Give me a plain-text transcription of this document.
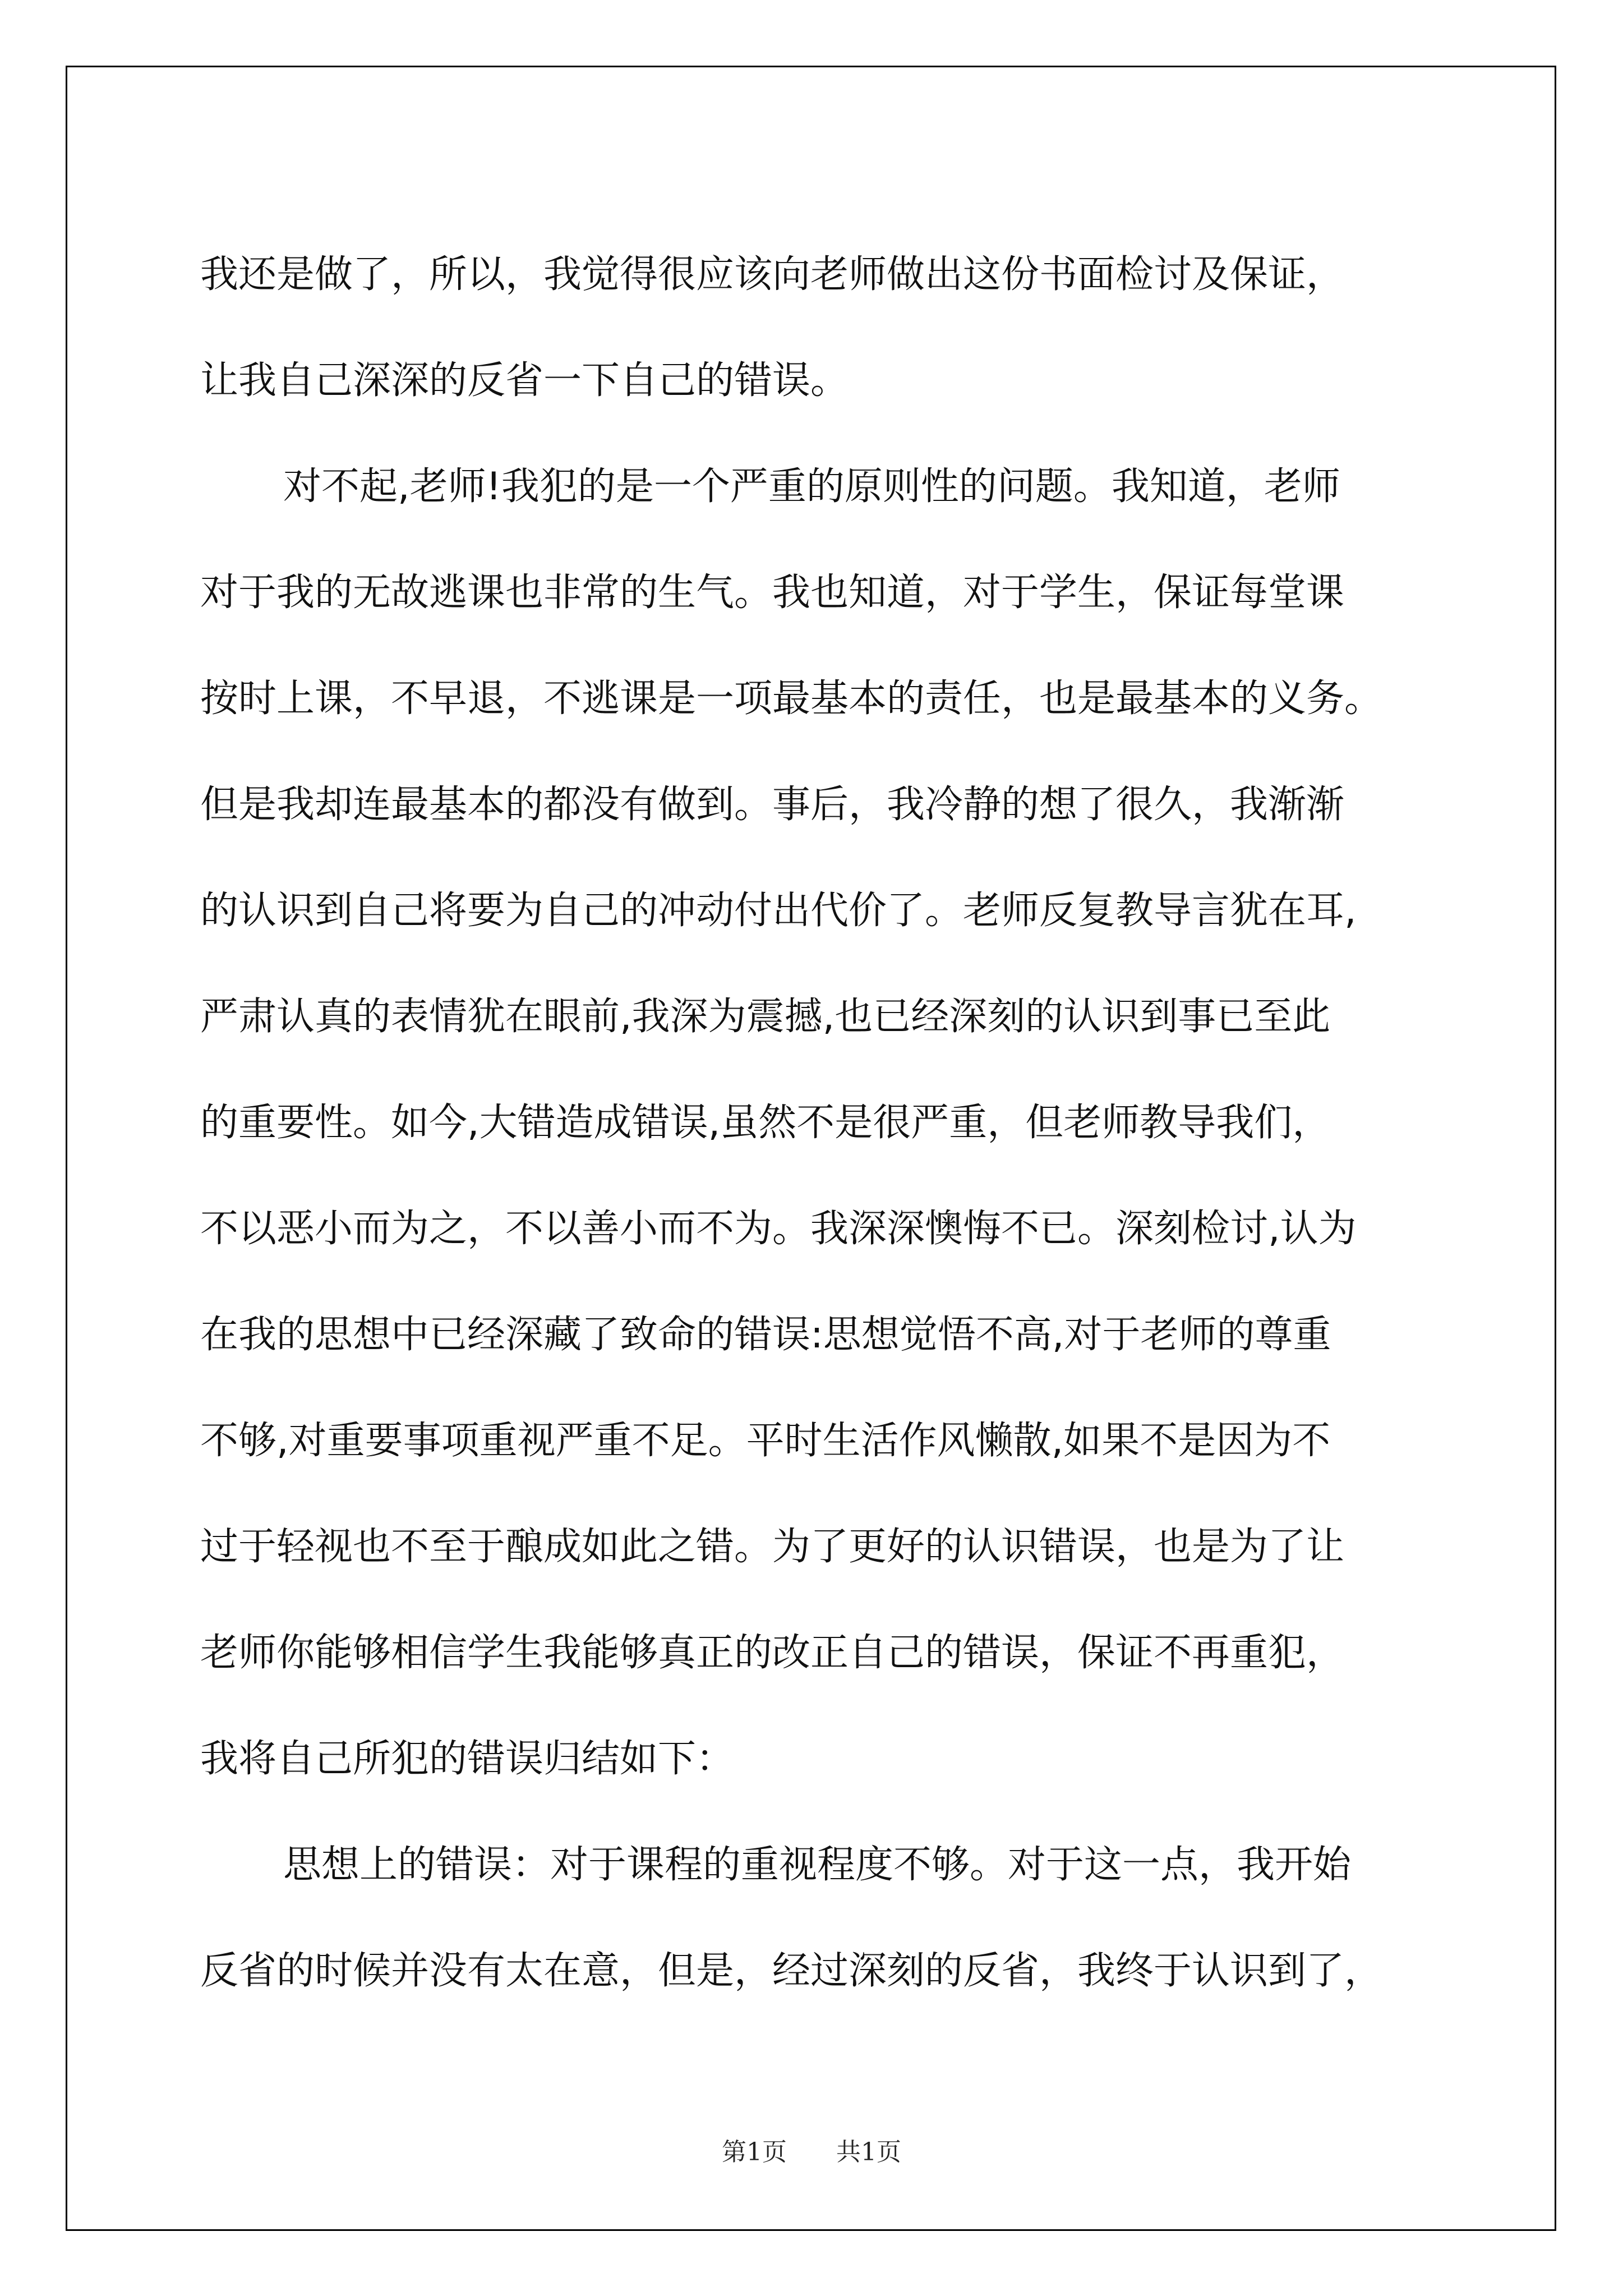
我还是做了，所以，我觉得很应该向老师做出这份书面检讨及保证，
让我自己深深的反省一下自己的错误。
对不起,老师!我犯的是一个严重的原则性的问题。我知道，老师
对于我的无故逃课也非常的生气。我也知道，对于学生，保证每堂课
按时上课，不早退，不逃课是一项最基本的责任，也是最基本的义务。
但是我却连最基本的都没有做到。事后，我冷静的想了很久，我渐渐
的认识到自己将要为自己的冲动付出代价了。老师反复教导言犹在耳,
严肃认真的表情犹在眼前,我深为震撼,也已经深刻的认识到事已至此
的重要性。如今,大错造成错误,虽然不是很严重，但老师教导我们，
不以恶小而为之，不以善小而不为。我深深懊悔不已。深刻检讨,认为
在我的思想中已经深藏了致命的错误:思想觉悟不高,对于老师的尊重
不够,对重要事项重视严重不足。平时生活作风懒散,如果不是因为不
过于轻视也不至于酿成如此之错。为了更好的认识错误，也是为了让
老师你能够相信学生我能够真正的改正自己的错误，保证不再重犯，
我将自己所犯的错误归结如下：
思想上的错误：对于课程的重视程度不够。对于这一点，我开始
反省的时候并没有太在意，但是，经过深刻的反省，我终于认识到了，
第1页 共1页
